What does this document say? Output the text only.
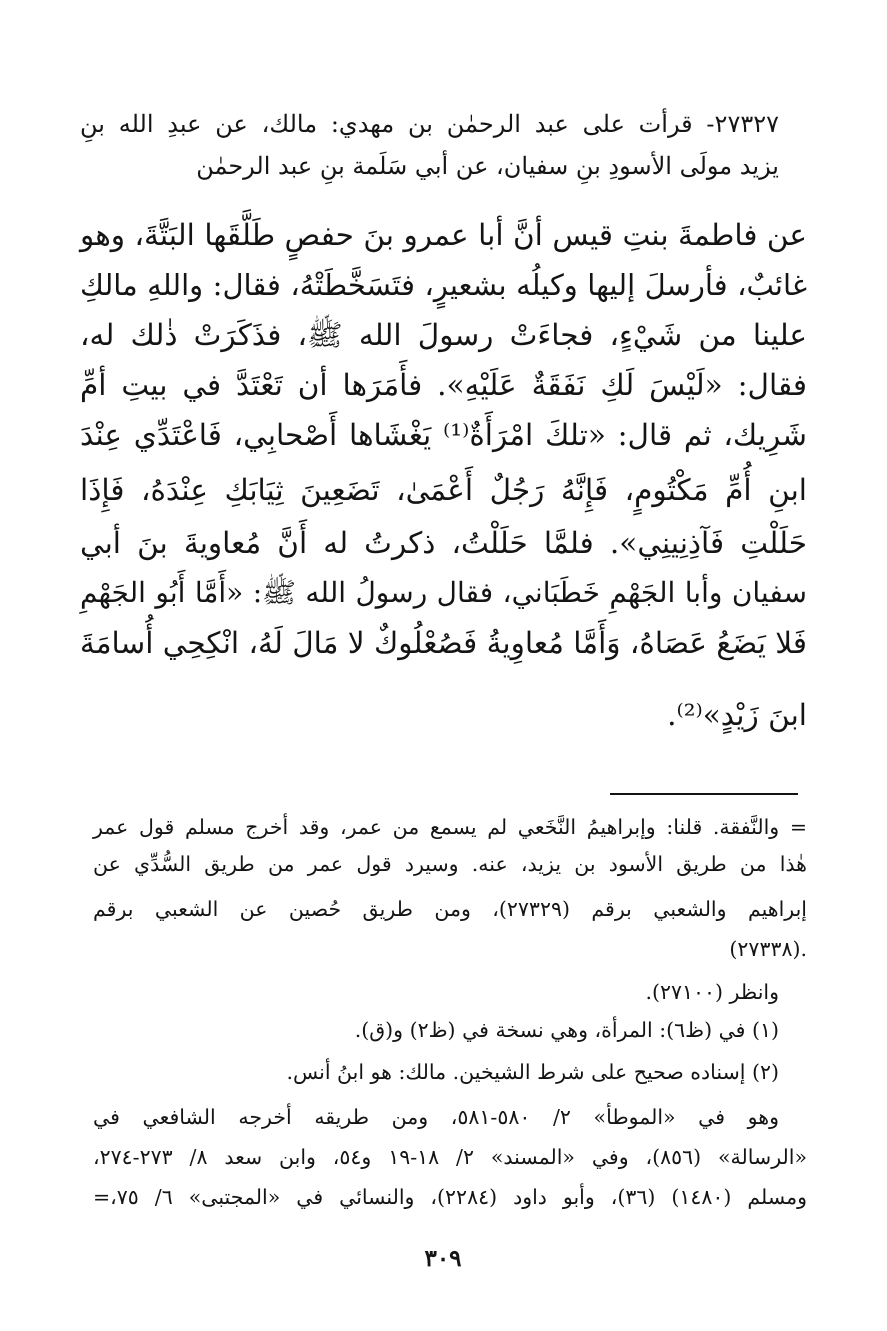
٢٧٣٢٧- قرأت على عبد الرحمٰن بن مهدي: مالك، عن عبدِ الله بنِ

يزيد مولَى الأسودِ بنِ سفيان، عن أبي سَلَمة بنِ عبد الرحمٰن

عن فاطمةَ بنتِ قيس أنَّ أبا عمرو بنَ حفصٍ طَلَّقَها البَتَّةَ، وهو

غائبٌ، فأرسلَ إليها وكيلُه بشعيرٍ، فتَسَخَّطَتْهُ، فقال: واللهِ مالكِ

علينا من شَيْءٍ، فجاءَتْ رسولَ الله ﷺ، فذَكَرَتْ ذٰلك له،

فقال: «لَيْسَ لَكِ نَفَقَةٌ عَلَيْهِ». فأَمَرَها أن تَعْتَدَّ في بيتِ أمِّ

شَرِيك، ثم قال: «تلكَ امْرَأَةٌ⁽¹⁾ يَغْشَاها أَصْحابِي، فَاعْتَدِّي عِنْدَ

ابنِ أُمِّ مَكْتُومٍ، فَإِنَّهُ رَجُلٌ أَعْمَىٰ، تَضَعِينَ ثِيَابَكِ عِنْدَهُ، فَإِذَا

حَلَلْتِ فَآذِنِينِي». فلمَّا حَلَلْتُ، ذكرتُ له أَنَّ مُعاويةَ بنَ أبي

سفيان وأبا الجَهْمِ خَطَبَاني، فقال رسولُ الله ﷺ: «أَمَّا أَبُو الجَهْمِ

فَلا يَضَعُ عَصَاهُ، وَأَمَّا مُعاوِيةُ فَصُعْلُوكٌ لا مَالَ لَهُ، انْكِحِي أُسامَةَ

ابنَ زَيْدٍ»⁽²⁾.

= والنَّفقة. قلنا: وإبراهيمُ النَّخَعي لم يسمع من عمر، وقد أخرج مسلم قول عمر

هٰذا من طريق الأسود بن يزيد، عنه. وسيرد قول عمر من طريق السُّدِّي عن

إبراهيم والشعبي برقم (٢٧٣٢٩)، ومن طريق حُصين عن الشعبي برقم

(٢٧٣٣٨).

وانظر (٢٧١٠٠).

(١) في (ظ٦): المرأة، وهي نسخة في (ظ٢) و(ق).

(٢) إسناده صحيح على شرط الشيخين. مالك: هو ابنُ أنس.

وهو في «الموطأ» ٢/ ٥٨٠-٥٨١، ومن طريقه أخرجه الشافعي في

«الرسالة» (٨٥٦)، وفي «المسند» ٢/ ١٨-١٩ و٥٤، وابن سعد ٨/ ٢٧٣-٢٧٤،

ومسلم (١٤٨٠) (٣٦)، وأبو داود (٢٢٨٤)، والنسائي في «المجتبى» ٦/ ٧٥،=

٣٠٩
